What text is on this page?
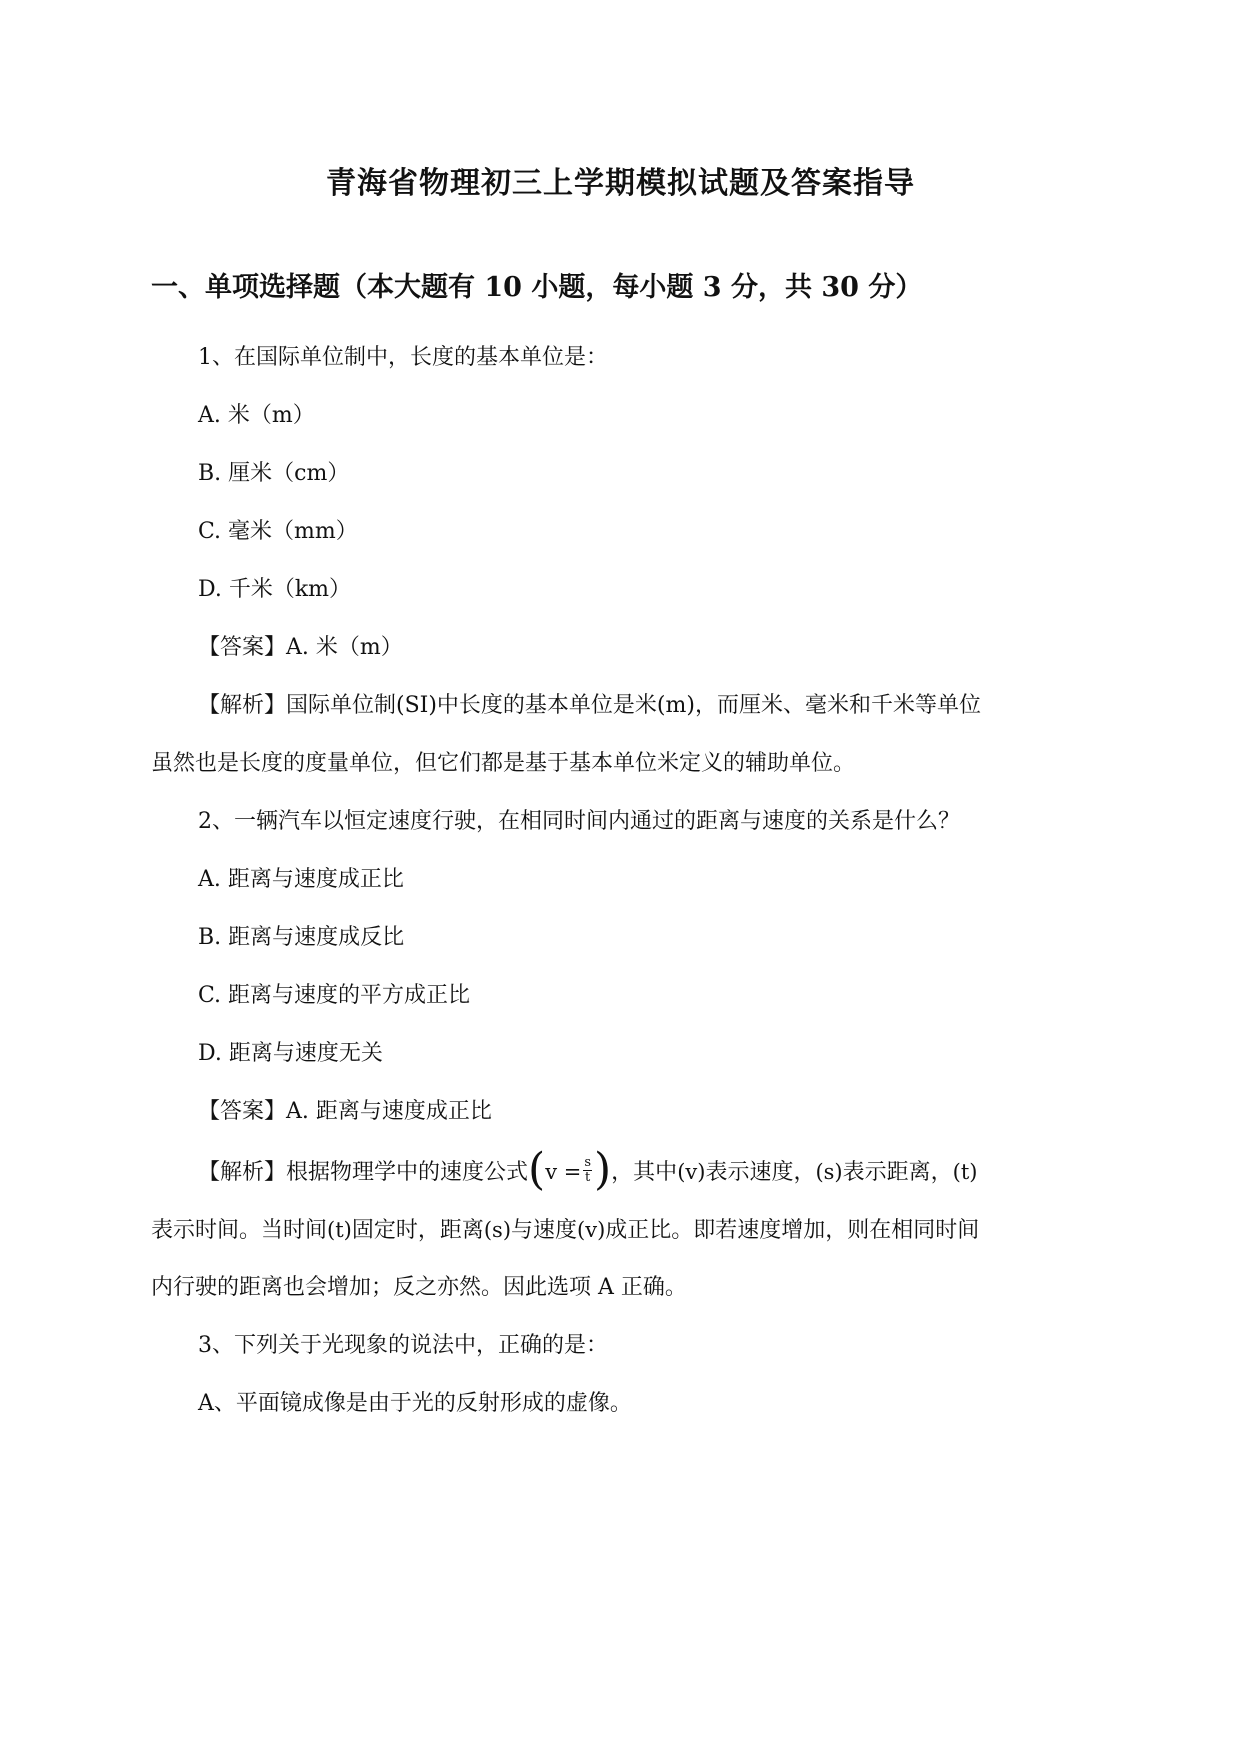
青海省物理初三上学期模拟试题及答案指导
一、单项选择题（本大题有 10 小题，每小题 3 分，共 30 分）
1、在国际单位制中，长度的基本单位是：
A. 米（m）
B. 厘米（cm）
C. 毫米（mm）
D. 千米（km）
【答案】A. 米（m）
【解析】国际单位制(SI)中长度的基本单位是米(m)，而厘米、毫米和千米等单位
虽然也是长度的度量单位，但它们都是基于基本单位米定义的辅助单位。
2、一辆汽车以恒定速度行驶，在相同时间内通过的距离与速度的关系是什么？
A. 距离与速度成正比
B. 距离与速度成反比
C. 距离与速度的平方成正比
D. 距离与速度无关
【答案】A. 距离与速度成正比
【解析】根据物理学中的速度公式($v = \frac{s}{t}$ )，其中(v)表示速度，(s)表示距离，(t)
表示时间。当时间(t)固定时，距离(s)与速度(v)成正比。即若速度增加，则在相同时间
内行驶的距离也会增加；反之亦然。因此选项 A 正确。
3、下列关于光现象的说法中，正确的是：
A、平面镜成像是由于光的反射形成的虚像。
